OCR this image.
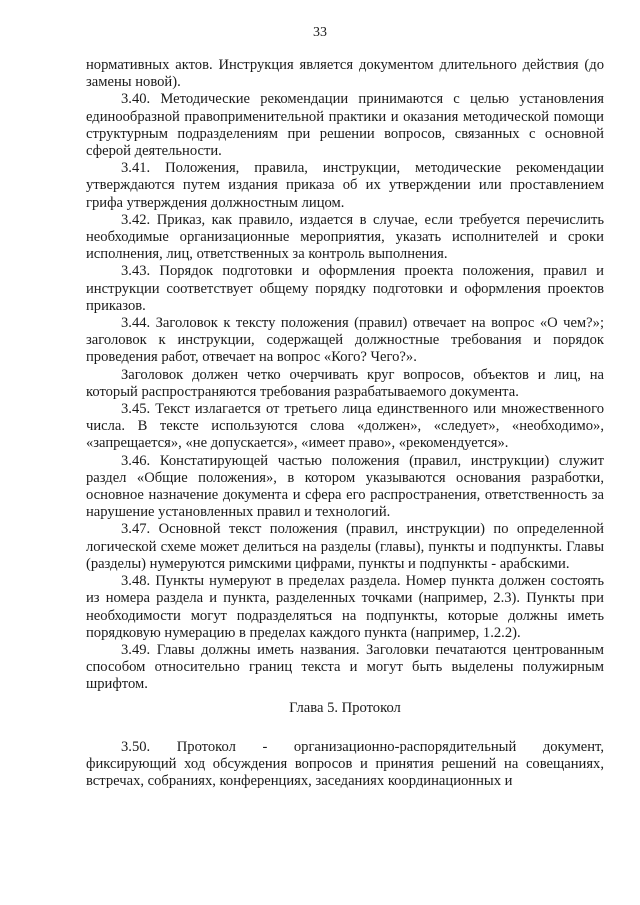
33

нормативных актов. Инструкция является документом длительного действия (до замены новой).

3.40. Методические рекомендации принимаются с целью установления единообразной правоприменительной практики и оказания методической помощи структурным подразделениям при решении вопросов, связанных с основной сферой деятельности.

3.41. Положения, правила, инструкции, методические рекомендации утверждаются путем издания приказа об их утверждении или проставлением грифа утверждения должностным лицом.

3.42. Приказ, как правило, издается в случае, если требуется перечислить необходимые организационные мероприятия, указать исполнителей и сроки исполнения, лиц, ответственных за контроль выполнения.

3.43. Порядок подготовки и оформления проекта положения, правил и инструкции соответствует общему порядку подготовки и оформления проектов приказов.

3.44. Заголовок к тексту положения (правил) отвечает на вопрос «О чем?»; заголовок к инструкции, содержащей должностные требования и порядок проведения работ, отвечает на вопрос «Кого? Чего?».

Заголовок должен четко очерчивать круг вопросов, объектов и лиц, на который распространяются требования разрабатываемого документа.

3.45. Текст излагается от третьего лица единственного или множественного числа. В тексте используются слова «должен», «следует», «необходимо», «запрещается», «не допускается», «имеет право», «рекомендуется».

3.46. Констатирующей частью положения (правил, инструкции) служит раздел «Общие положения», в котором указываются основания разработки, основное назначение документа и сфера его распространения, ответственность за нарушение установленных правил и технологий.

3.47. Основной текст положения (правил, инструкции) по определенной логической схеме может делиться на разделы (главы), пункты и подпункты. Главы (разделы) нумеруются римскими цифрами, пункты и подпункты - арабскими.

3.48. Пункты нумеруют в пределах раздела. Номер пункта должен состоять из номера раздела и пункта, разделенных точками (например, 2.3). Пункты при необходимости могут подразделяться на подпункты, которые должны иметь порядковую нумерацию в пределах каждого пункта (например, 1.2.2).

3.49. Главы должны иметь названия. Заголовки печатаются центрованным способом относительно границ текста и могут быть выделены полужирным шрифтом.

Глава 5. Протокол

3.50. Протокол - организационно-распорядительный документ, фиксирующий ход обсуждения вопросов и принятия решений на совещаниях, встречах, собраниях, конференциях, заседаниях координационных и
